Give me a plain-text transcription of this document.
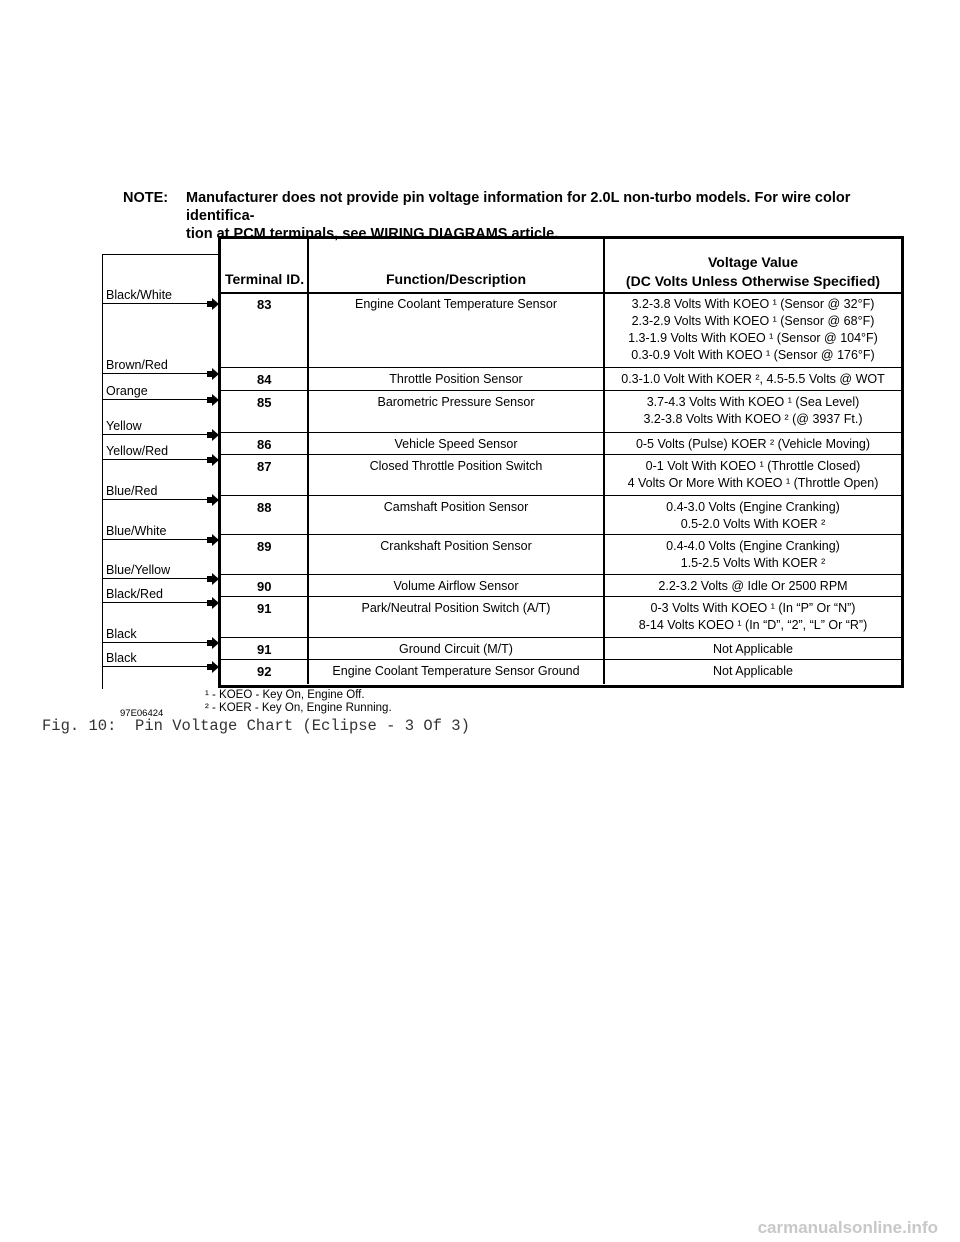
NOTE:	Manufacturer does not provide pin voltage information for 2.0L non-turbo models. For wire color identifica-
tion at PCM terminals, see WIRING DIAGRAMS article.
Black/White
Brown/Red
Orange
Yellow
Yellow/Red
Blue/Red
Blue/White
Blue/Yellow
Black/Red
Black
Black
Terminal ID.	Function/Description
Voltage Value
(DC Volts Unless Otherwise Specified)
83	Engine Coolant Temperature Sensor	3.2-3.8 Volts With KOEO ¹ (Sensor @ 32°F)
2.3-2.9 Volts With KOEO ¹ (Sensor @ 68°F)
1.3-1.9 Volts With KOEO ¹ (Sensor @ 104°F)
0.3-0.9 Volt With KOEO ¹ (Sensor @ 176°F)
84	Throttle Position Sensor	0.3-1.0 Volt With KOER ², 4.5-5.5 Volts @ WOT
85	Barometric Pressure Sensor	3.7-4.3 Volts With KOEO ¹ (Sea Level)
3.2-3.8 Volts With KOEO ² (@ 3937 Ft.)
86	Vehicle Speed Sensor	0-5 Volts (Pulse) KOER ² (Vehicle Moving)
87	Closed Throttle Position Switch	0-1 Volt With KOEO ¹ (Throttle Closed)
4 Volts Or More With KOEO ¹ (Throttle Open)
88	Camshaft Position Sensor	0.4-3.0 Volts (Engine Cranking)
0.5-2.0 Volts With KOER ²
89	Crankshaft Position Sensor	0.4-4.0 Volts (Engine Cranking)
1.5-2.5 Volts With KOER ²
90	Volume Airflow Sensor	2.2-3.2 Volts @ Idle Or 2500 RPM
91	Park/Neutral Position Switch (A/T)	0-3 Volts With KOEO ¹ (In “P” Or “N”)
8-14 Volts KOEO ¹ (In “D”, “2”, “L” Or “R”)
91	Ground Circuit (M/T)	Not Applicable
92	Engine Coolant Temperature Sensor Ground	Not Applicable
¹ - KOEO - Key On, Engine Off.
² - KOER - Key On, Engine Running.
97E06424
Fig. 10:  Pin Voltage Chart (Eclipse - 3 Of 3)
carmanualsonline.info
